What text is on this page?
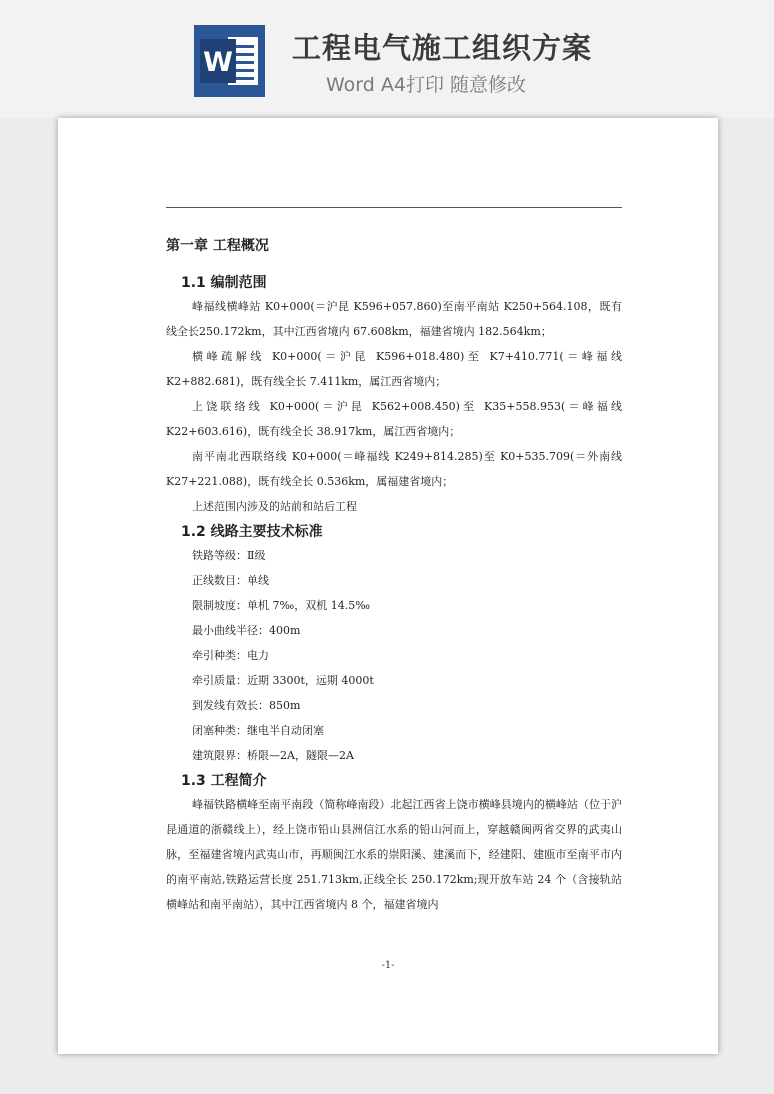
W 工程电气施工组织方案
Word A4打印 随意修改
第一章 工程概况
1.1 编制范围

峰福线横峰站 K0+000(＝沪昆 K596+057.860)至南平南站 K250+564.108，既有线全长250.172km，其中江西省境内 67.608km，福建省境内 182.564km；

横峰疏解线 K0+000(＝沪昆 K596+018.480)至 K7+410.771(＝峰福线 K2+882.681)，既有线全长 7.411km，属江西省境内；

上饶联络线 K0+000(＝沪昆 K562+008.450)至 K35+558.953(＝峰福线 K22+603.616)，既有线全长 38.917km，属江西省境内；

南平南北西联络线 K0+000(＝峰福线 K249+814.285)至 K0+535.709(＝外南线K27+221.088)，既有线全长 0.536km，属福建省境内；

上述范围内涉及的站前和站后工程

1.2 线路主要技术标准

铁路等级：Ⅱ级

正线数目：单线

限制坡度：单机 7‰，双机 14.5‰

最小曲线半径：400m

牵引种类：电力

牵引质量：近期 3300t，远期 4000t

到发线有效长：850m

闭塞种类：继电半自动闭塞

建筑限界：桥限—2A，隧限—2A

1.3 工程简介

峰福铁路横峰至南平南段（简称峰南段）北起江西省上饶市横峰县境内的横峰站（位于沪昆通道的浙赣线上），经上饶市铅山县洲信江水系的铅山河而上，穿越赣闽两省交界的武夷山脉，至福建省境内武夷山市，再顺闽江水系的崇阳溪、建溪而下，经建阳、建瓯市至南平市内的南平南站,铁路运营长度 251.713km,正线全长 250.172km;现开放车站 24 个（含接轨站横峰站和南平南站），其中江西省境内 8 个，福建省境内

-1-
